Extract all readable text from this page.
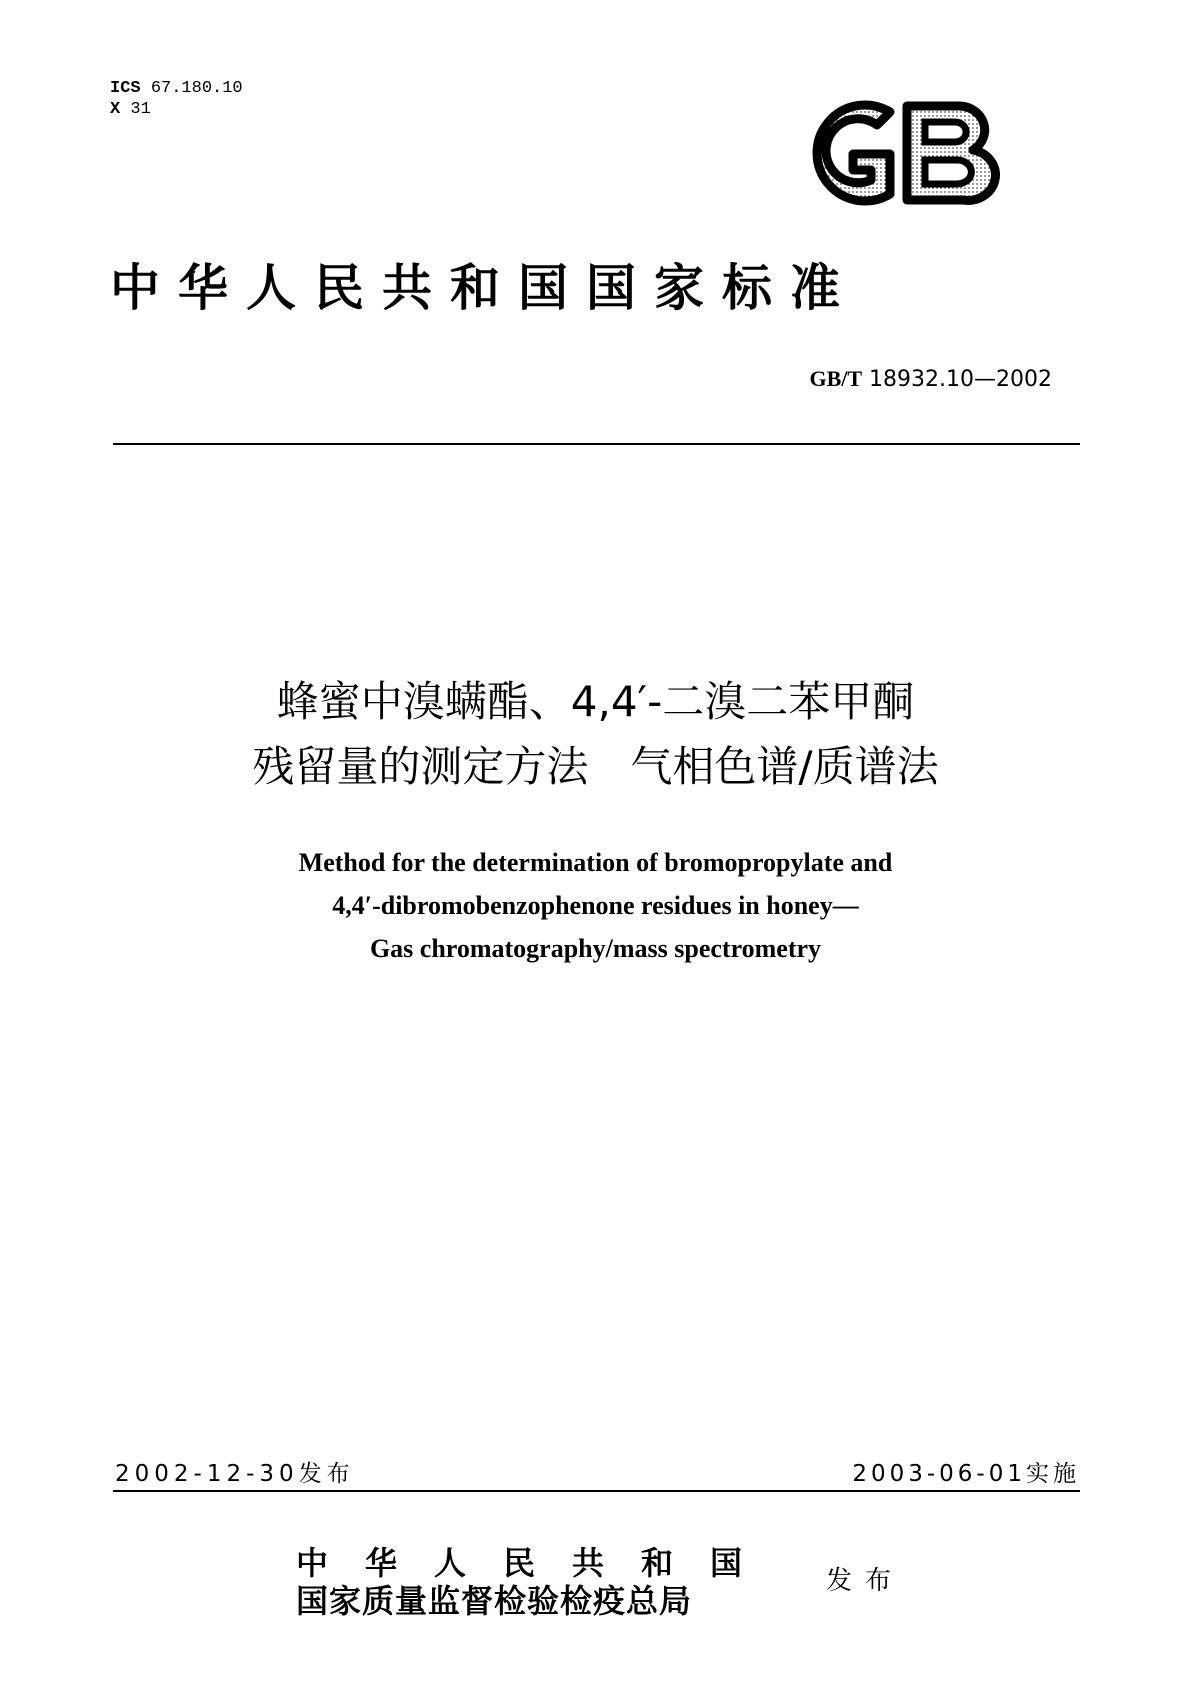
ICS 67.180.10
X 31
中华人民共和国国家标准
GB/T 18932.10—2002
蜂蜜中溴螨酯、4,4′-二溴二苯甲酮
残留量的测定方法　气相色谱/质谱法
Method for the determination of bromopropylate and
4,4′-dibromobenzophenone residues in honey—
Gas chromatography/mass spectrometry
2002-12-30发布	2003-06-01实施
中华人民共和国
国家质量监督检验检疫总局
发布
